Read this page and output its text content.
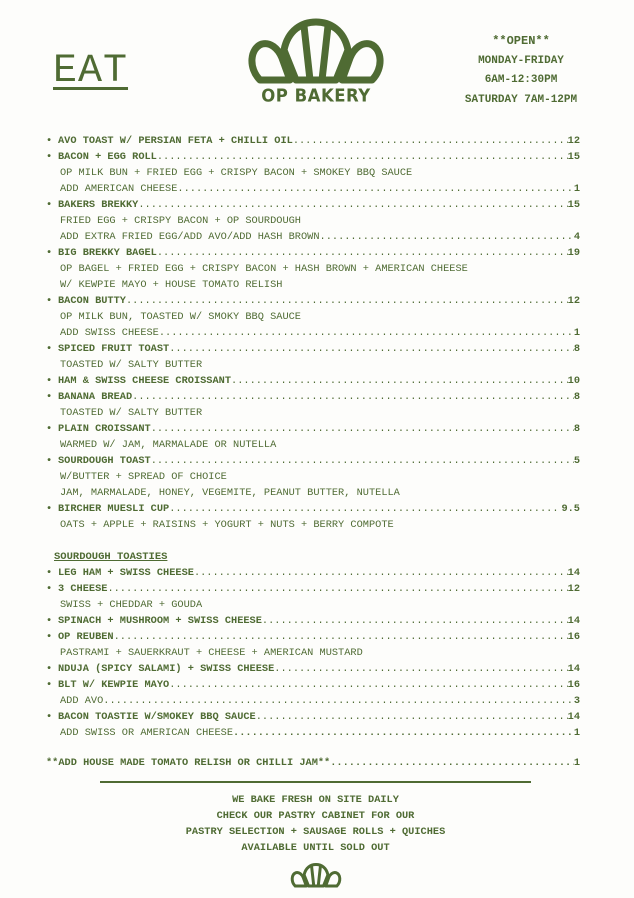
EAT
OP BAKERY
**OPEN**
MONDAY-FRIDAY
6AM-12:30PM
SATURDAY 7AM-12PM
• AVO TOAST W/ PERSIAN FETA + CHILLI OIL .....	12
• BACON + EGG ROLL .....	15
OP MILK BUN + FRIED EGG + CRISPY BACON + SMOKEY BBQ SAUCE
ADD AMERICAN CHEESE .....	1
• BAKERS BREKKY .....	15
FRIED EGG + CRISPY BACON + OP SOURDOUGH
ADD EXTRA FRIED EGG/ADD AVO/ADD HASH BROWN .....	4
• BIG BREKKY BAGEL .....	19
OP BAGEL + FRIED EGG + CRISPY BACON + HASH BROWN + AMERICAN CHEESE
W/ KEWPIE MAYO + HOUSE TOMATO RELISH
• BACON BUTTY .....	12
OP MILK BUN, TOASTED W/ SMOKY BBQ SAUCE
ADD SWISS CHEESE .....	1
• SPICED FRUIT TOAST .....	8
TOASTED W/ SALTY BUTTER
• HAM & SWISS CHEESE CROISSANT .....	10
• BANANA BREAD .....	8
TOASTED W/ SALTY BUTTER
• PLAIN CROISSANT .....	8
WARMED W/ JAM, MARMALADE OR NUTELLA
• SOURDOUGH TOAST .....	5
W/BUTTER + SPREAD OF CHOICE
JAM, MARMALADE, HONEY, VEGEMITE, PEANUT BUTTER, NUTELLA
• BIRCHER MUESLI CUP .....	9.5
OATS + APPLE + RAISINS + YOGURT + NUTS + BERRY COMPOTE
SOURDOUGH TOASTIES
• LEG HAM + SWISS CHEESE .....	14
• 3 CHEESE .....	12
SWISS + CHEDDAR + GOUDA
• SPINACH + MUSHROOM + SWISS CHEESE .....	14
• OP REUBEN .....	16
PASTRAMI + SAUERKRAUT + CHEESE + AMERICAN MUSTARD
• NDUJA (SPICY SALAMI) + SWISS CHEESE .....	14
• BLT W/ KEWPIE MAYO .....	16
ADD AVO .....	3
• BACON TOASTIE W/SMOKEY BBQ SAUCE .....	14
ADD SWISS OR AMERICAN CHEESE .....	1
**ADD HOUSE MADE TOMATO RELISH OR CHILLI JAM** .....	1
WE BAKE FRESH ON SITE DAILY
CHECK OUR PASTRY CABINET FOR OUR
PASTRY SELECTION + SAUSAGE ROLLS + QUICHES
AVAILABLE UNTIL SOLD OUT
